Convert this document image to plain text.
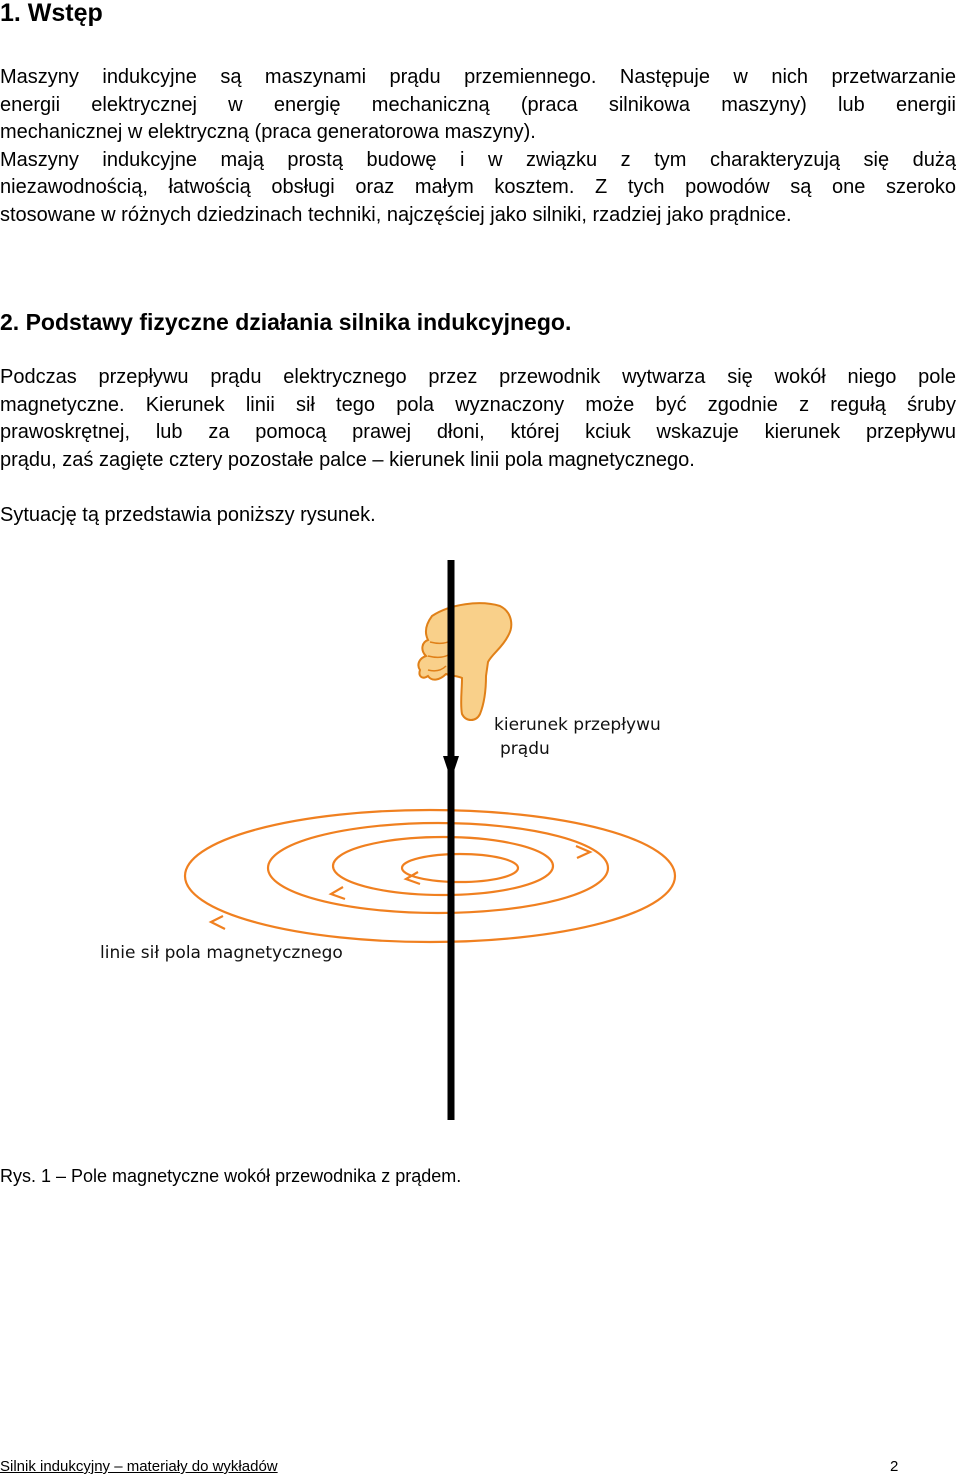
1. Wstęp
Maszyny indukcyjne są maszynami prądu przemiennego. Następuje w nich przetwarzanie
energii elektrycznej w energię mechaniczną (praca silnikowa maszyny) lub energii
mechanicznej w elektryczną (praca generatorowa maszyny).
Maszyny indukcyjne mają prostą budowę i w związku z tym charakteryzują się dużą
niezawodnością, łatwością obsługi oraz małym kosztem. Z tych powodów są one szeroko
stosowane w różnych dziedzinach techniki, najczęściej jako silniki, rzadziej jako prądnice.
2. Podstawy fizyczne działania silnika indukcyjnego.
Podczas przepływu prądu elektrycznego przez przewodnik wytwarza się wokół niego pole
magnetyczne. Kierunek linii sił tego pola wyznaczony może być zgodnie z regułą śruby
prawoskrętnej, lub za pomocą prawej dłoni, której kciuk wskazuje kierunek przepływu
prądu, zaś zagięte cztery pozostałe palce – kierunek linii pola magnetycznego.
Sytuację tą przedstawia poniższy rysunek.
kierunek przepływu
prądu
linie sił pola magnetycznego

Rys. 1 – Pole magnetyczne wokół przewodnika z prądem.

Silnik indukcyjny – materiały do wykładów	2
